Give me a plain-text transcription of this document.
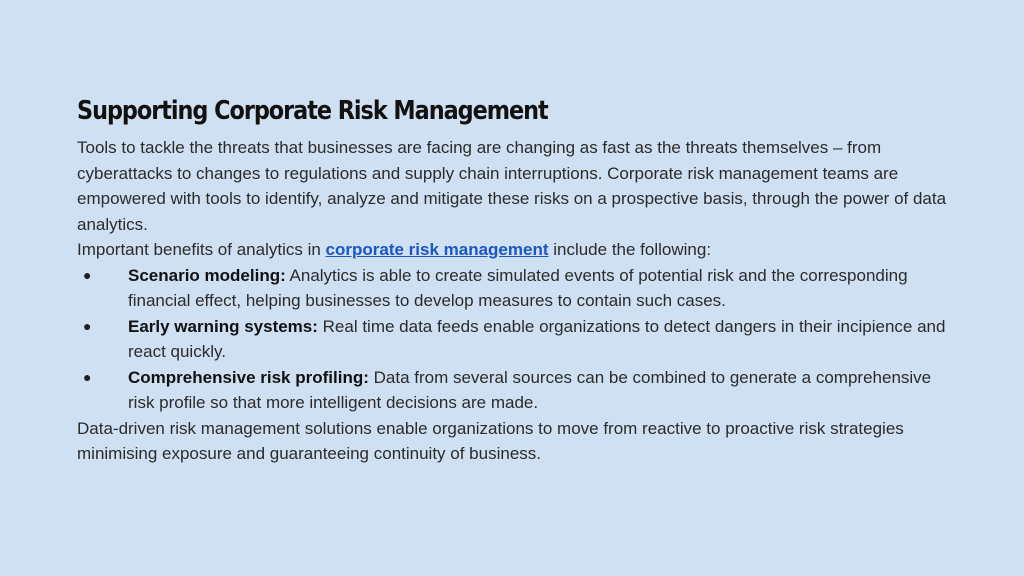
Supporting Corporate Risk Management

Tools to tackle the threats that businesses are facing are changing as fast as the threats themselves – from cyberattacks to changes to regulations and supply chain interruptions. Corporate risk management teams are empowered with tools to identify, analyze and mitigate these risks on a prospective basis, through the power of data analytics.

Important benefits of analytics in corporate risk management include the following:

● Scenario modeling: Analytics is able to create simulated events of potential risk and the corresponding financial effect, helping businesses to develop measures to contain such cases.
● Early warning systems: Real time data feeds enable organizations to detect dangers in their incipience and react quickly.
● Comprehensive risk profiling: Data from several sources can be combined to generate a comprehensive risk profile so that more intelligent decisions are made.

Data-driven risk management solutions enable organizations to move from reactive to proactive risk strategies minimising exposure and guaranteeing continuity of business.
